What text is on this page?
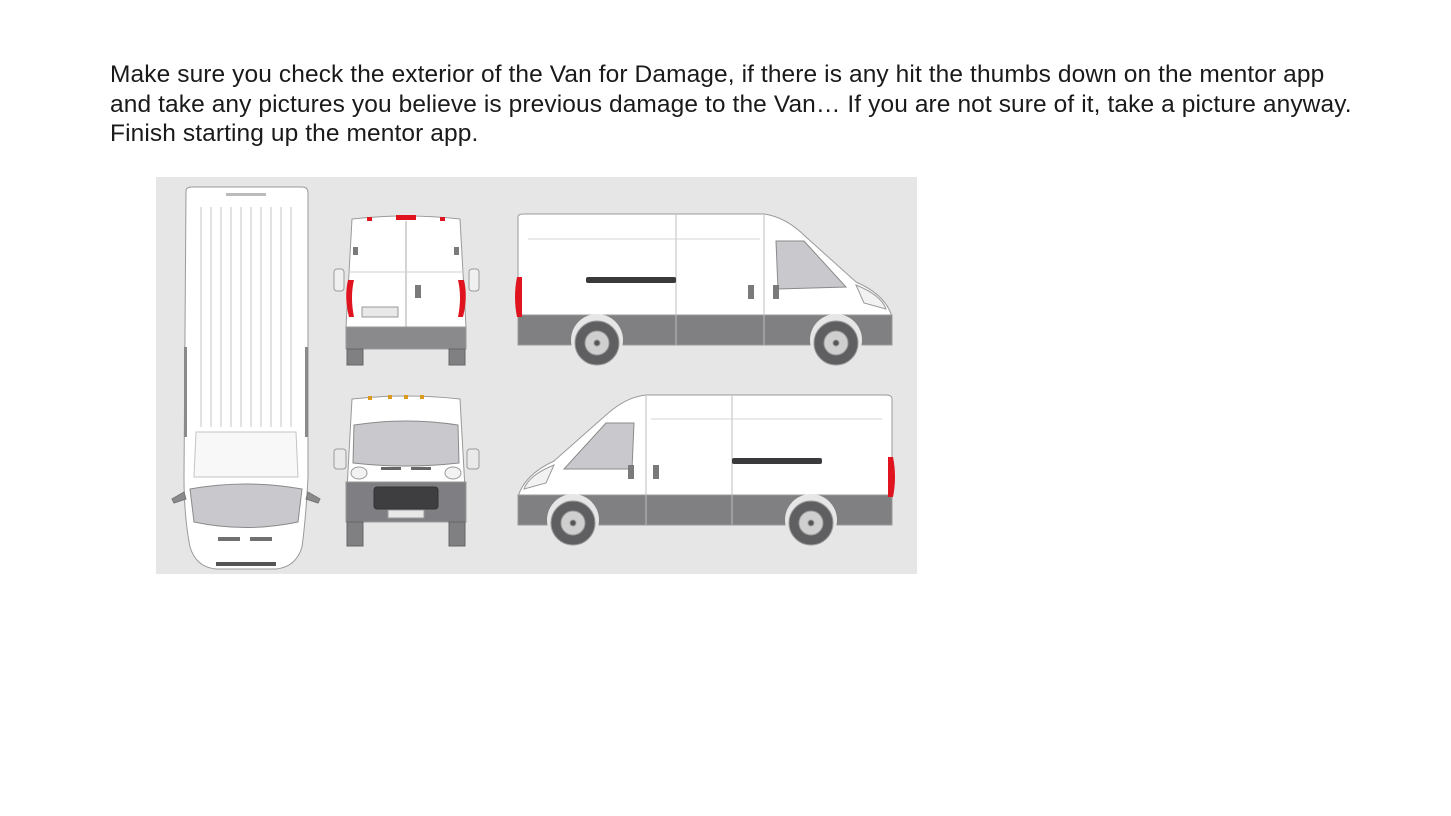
Make sure you check the exterior of the Van for Damage, if there is any hit the thumbs down on the mentor app

and take any pictures you believe is previous damage to the Van… If you are not sure of it, take a picture anyway.

Finish starting up the mentor app.
